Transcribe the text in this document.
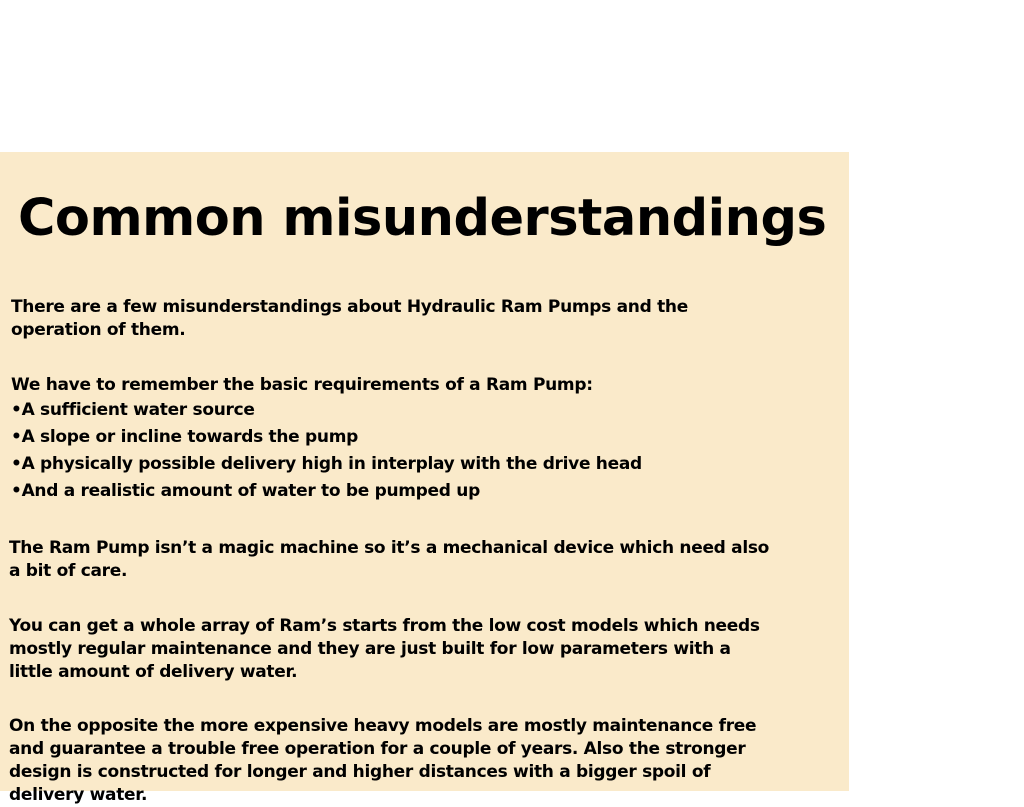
Common misunderstandings

There are a few misunderstandings about Hydraulic Ram Pumps and the
operation of them.

We have to remember the basic requirements of a Ram Pump:
•A sufficient water source
•A slope or incline towards the pump
•A physically possible delivery high in interplay with the drive head
•And a realistic amount of water to be pumped up

The Ram Pump isn’t a magic machine so it’s a mechanical device which need also
a bit of care.

You can get a whole array of Ram’s starts from the low cost models which needs
mostly regular maintenance and they are just built for low parameters with a
little amount of delivery water.

On the opposite the more expensive heavy models are mostly maintenance free
and guarantee a trouble free operation for a couple of years. Also the stronger
design is constructed for longer and higher distances with a bigger spoil of
delivery water.
